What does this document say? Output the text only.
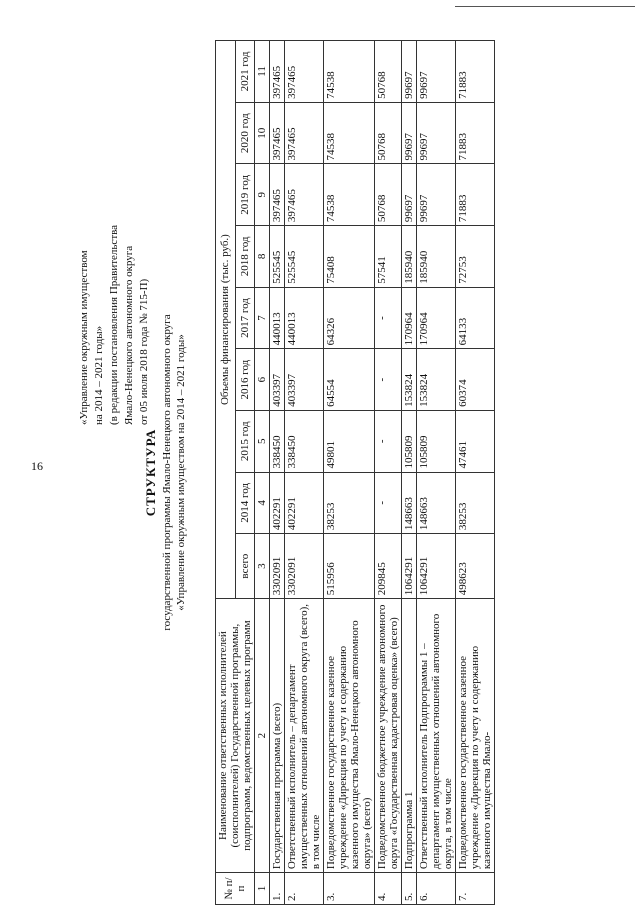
16
«Управление окружным имуществом на 2014 – 2021 годы» (в редакции постановления Правительства Ямало-Ненецкого автономного округа от 05 июля 2018 года № 715-П)
СТРУКТУРА государственной программы Ямало-Ненецкого автономного округа «Управление окружным имуществом на 2014 – 2021 годы»
№ п/п	Наименование ответственных исполнителей (соисполнителей) Государственной программы, подпрограмм, ведомственных целевых программ	Объемы финансирования (тыс. руб.)								
		всего	2014 год	2015 год	2016 год	2017 год	2018 год	2019 год	2020 год	2021 год
1	2	3	4	5	6	7	8	9	10	11
1.	Государственная программа (всего)	3302091	402291	338450	403397	440013	525545	397465	397465	397465
2.	Ответственный исполнитель – департамент имущественных отношений автономного округа (всего), в том числе	3302091	402291	338450	403397	440013	525545	397465	397465	397465
3.	Подведомственное государственное казенное учреждение «Дирекция по учету и содержанию казенного имущества Ямало-Ненецкого автономного округа» (всего)	515956	38253	49801	64554	64326	75408	74538	74538	74538
4.	Подведомственное бюджетное учреждение автономного округа «Государственная кадастровая оценка» (всего)	209845	-	-	-	-	57541	50768	50768	50768
5.	Подпрограмма 1	1064291	148663	105809	153824	170964	185940	99697	99697	99697
6.	Ответственный исполнитель Подпрограммы 1 – департамент имущественных отношений автономного округа, в том числе	1064291	148663	105809	153824	170964	185940	99697	99697	99697
7.	Подведомственное государственное казенное учреждение «Дирекция по учету и содержанию казенного имущества Ямало-	498623	38253	47461	60374	64133	72753	71883	71883	71883
